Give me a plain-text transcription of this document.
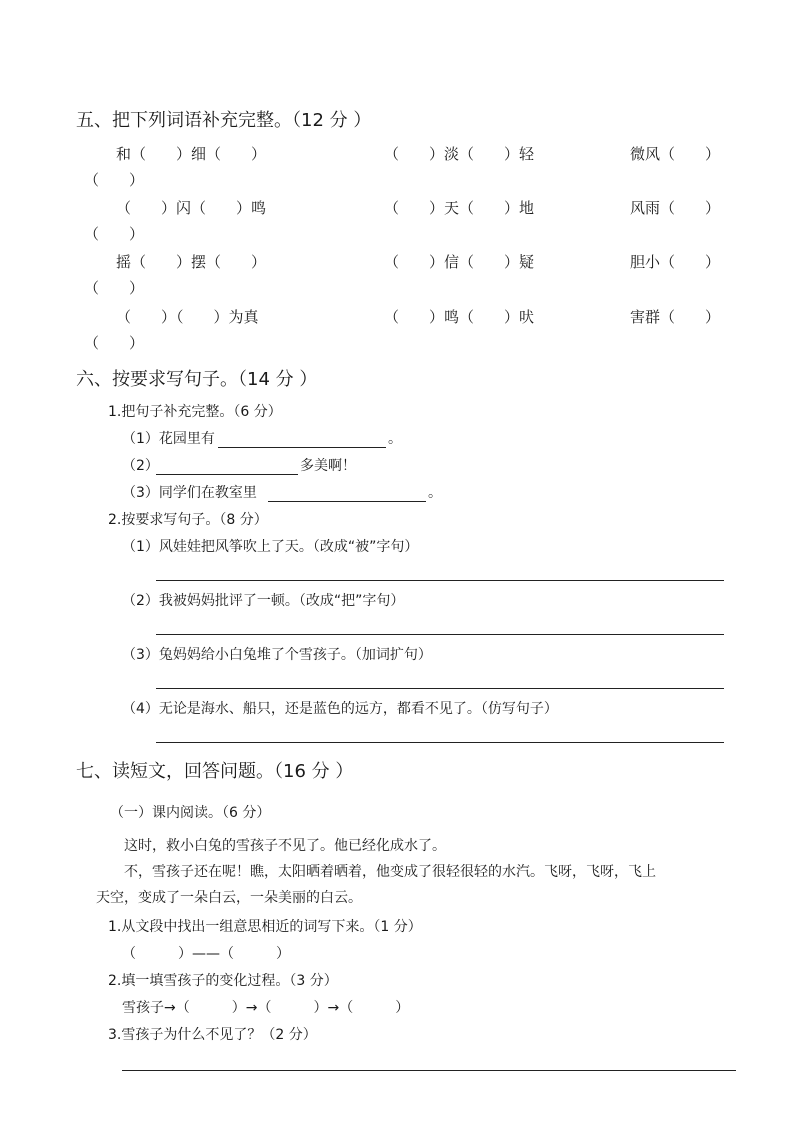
五、把下列词语补充完整。（12 分 ）
和（　　）细（　　）	（　　）淡（　　）轻	微风（　　）
（　　）
（　　）闪（　　）鸣	（　　）天（　　）地	风雨（　　）
（　　）
摇（　　）摆（　　）	（　　）信（　　）疑	胆小（　　）
（　　）
（　　）（　　）为真	（　　）鸣（　　）吠	害群（　　）
（　　）
六、按要求写句子。（14 分 ）
1.把句子补充完整。（6 分）
（1）花园里有	。
（2）	多美啊！
（3）同学们在教室里	。
2.按要求写句子。（8 分）
（1）风娃娃把风筝吹上了天。（改成“被”字句）
（2）我被妈妈批评了一顿。（改成“把”字句）
（3）兔妈妈给小白兔堆了个雪孩子。（加词扩句）
（4）无论是海水、船只，还是蓝色的远方，都看不见了。（仿写句子）
七、读短文，回答问题。（16 分 ）
（一）课内阅读。（6 分）
这时，救小白兔的雪孩子不见了。他已经化成水了。
不，雪孩子还在呢！瞧，太阳晒着晒着，他变成了很轻很轻的水汽。飞呀，飞呀，飞上
天空，变成了一朵白云，一朵美丽的白云。
1.从文段中找出一组意思相近的词写下来。（1 分）
（　　　）——（　　　）
2.填一填雪孩子的变化过程。（3 分）
雪孩子→（　　　）→（　　　）→（　　　）
3.雪孩子为什么不见了？（2 分）
